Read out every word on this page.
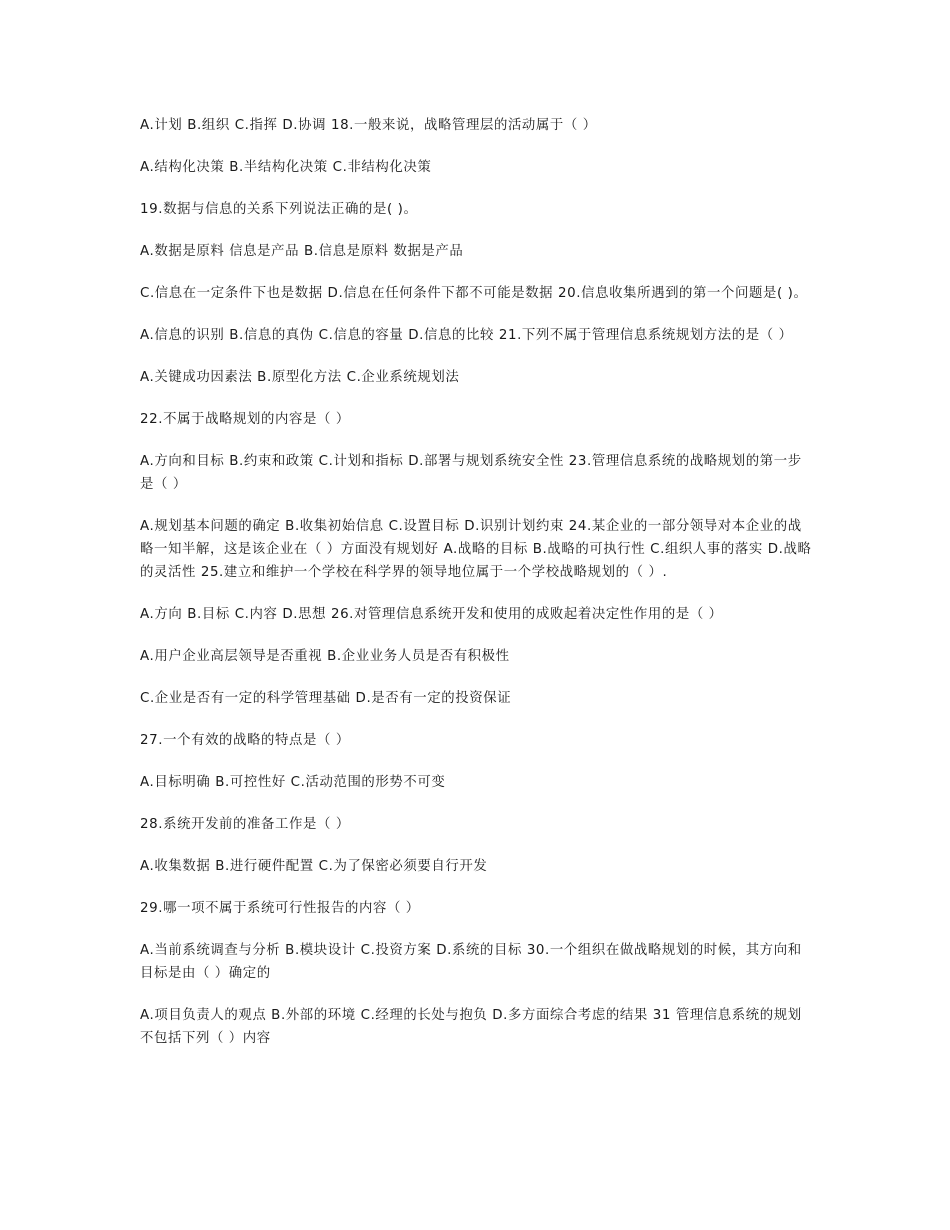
A.计划 B.组织 C.指挥 D.协调 18.一般来说，战略管理层的活动属于（ ）

A.结构化决策 B.半结构化决策 C.非结构化决策

19.数据与信息的关系下列说法正确的是( )。

A.数据是原料 信息是产品 B.信息是原料 数据是产品

C.信息在一定条件下也是数据 D.信息在任何条件下都不可能是数据 20.信息收集所遇到的第一个问题是( )。

A.信息的识别 B.信息的真伪 C.信息的容量 D.信息的比较 21.下列不属于管理信息系统规划方法的是（ ）

A.关键成功因素法 B.原型化方法 C.企业系统规划法

22.不属于战略规划的内容是（ ）

A.方向和目标 B.约束和政策 C.计划和指标 D.部署与规划系统安全性 23.管理信息系统的战略规划的第一步是（ ）

A.规划基本问题的确定 B.收集初始信息 C.设置目标 D.识别计划约束 24.某企业的一部分领导对本企业的战略一知半解，这是该企业在（ ）方面没有规划好 A.战略的目标 B.战略的可执行性 C.组织人事的落实 D.战略的灵活性 25.建立和维护一个学校在科学界的领导地位属于一个学校战略规划的（ ）.

A.方向 B.目标 C.内容 D.思想 26.对管理信息系统开发和使用的成败起着决定性作用的是（ ）

A.用户企业高层领导是否重视 B.企业业务人员是否有积极性

C.企业是否有一定的科学管理基础 D.是否有一定的投资保证

27.一个有效的战略的特点是（ ）

A.目标明确 B.可控性好 C.活动范围的形势不可变

28.系统开发前的准备工作是（ ）

A.收集数据 B.进行硬件配置 C.为了保密必须要自行开发

29.哪一项不属于系统可行性报告的内容（ ）

A.当前系统调查与分析 B.模块设计 C.投资方案 D.系统的目标 30.一个组织在做战略规划的时候，其方向和目标是由（ ）确定的

A.项目负责人的观点 B.外部的环境 C.经理的长处与抱负 D.多方面综合考虑的结果 31 管理信息系统的规划不包括下列（ ）内容
